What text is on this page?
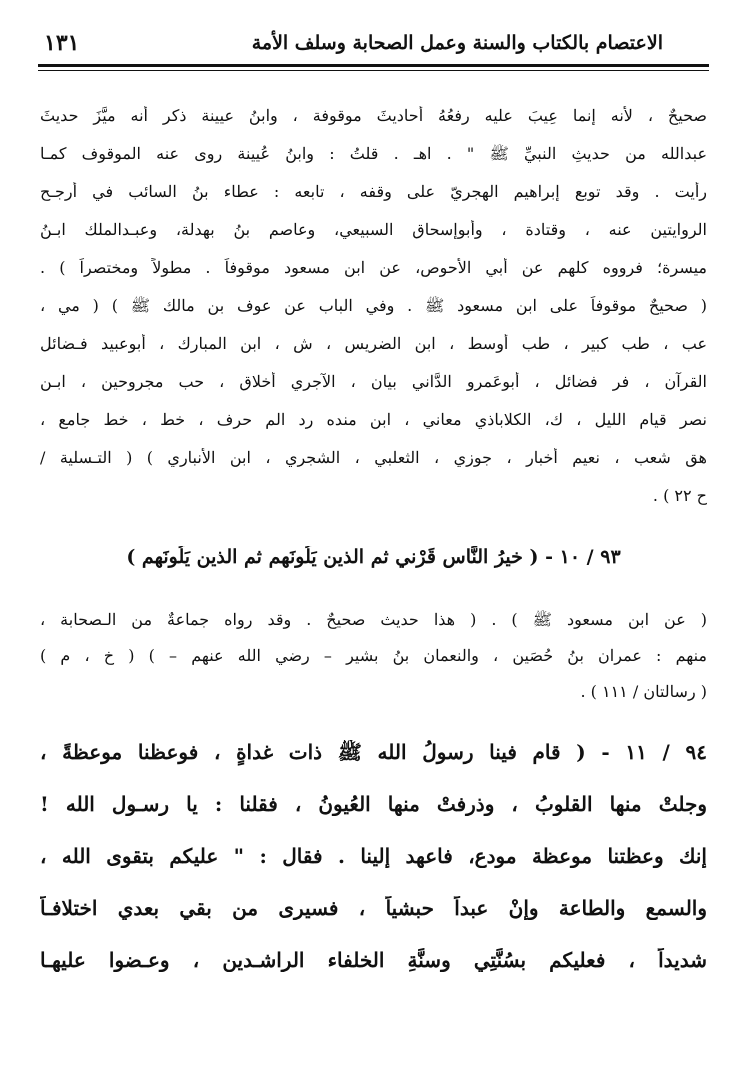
الاعتصام بالكتاب والسنة وعمل الصحابة وسلف الأمة
١٣١
صحيحٌ ، لأنه إنما عِيبَ عليه رفعُهُ أحاديثَ موقوفة ، وابنُ عيينة ذكر أنه ميَّزَ حديثَ
عبدالله من حديثِ النبيِّ ﷺ " . اهـ . قلتُ : وابنُ عُيينة روى عنه الموقوف كمـا
رأيت . وقد توبع إبراهيم الهجريّ على وقفه ، تابعه : عطاء بنُ السائب في أرجـح
الروايتين عنه ، وقتادة ، وأبوإسحاق السبيعي، وعاصم بنُ بهدلة، وعبـدالملك ابـنُ
ميسرة؛ فرووه كلهم عن أبي الأحوص، عن ابن مسعود موقوفاً . مطولاً ومختصراً ) .
( صحيحٌ موقوفاً على ابن مسعود ﷺ . وفي الباب عن عوف بن مالك ﷺ ) ( مي ،
عب ، طب كبير ، طب أوسط ، ابن الضريس ، ش ، ابن المبارك ، أبوعبيد فـضائل
القرآن ، فر فضائل ، أبوعَمرو الدَّاني بيان ، الآجري أخلاق ، حب مجروحين ، ابـن
نصر قيام الليل ، ك، الكلاباذي معاني ، ابن منده رد الم حرف ، خط ، خط جامع ،
هق شعب ، نعيم أخبار ، جوزي ، الثعلبي ، الشجري ، ابن الأنباري ) ( التـسلية /
ح ٢٢ ) .
٩٣ / ١٠ - ( خيرُ النَّاسِ قَرْني ثم الذين يَلُونَهم ثم الذين يَلُونَهم )
( عن ابن مسعود ﷺ ) . ( هذا حديث صحيحٌ . وقد رواه جماعةٌ من الـصحابة ،
منهم : عمران بنُ حُصَين ، والنعمان بنُ بشير – رضي الله عنهم – ) ( خ ، م )
( رسالتان / ١١١ ) .
٩٤ / ١١ - ( قام فينا رسولُ الله ﷺ ذات غداةٍ ، فوعظنا موعظةً ،
وجلتْ منها القلوبُ ، وذرفتْ منها العُيونُ ، فقلنا : يا رسـول الله !
إنك وعظتنا موعظة مودعٍ، فاعهد إلينا . فقال : " عليكم بتقوى الله ،
والسمع والطاعة وإنْ عبداً حبشياً ، فسيرى من بقي بعدي اختلافـاً
شديداً ، فعليكم بسُنَّتِي وسنَّةِ الخلفاء الراشـدين ، وعـضوا عليهـا
